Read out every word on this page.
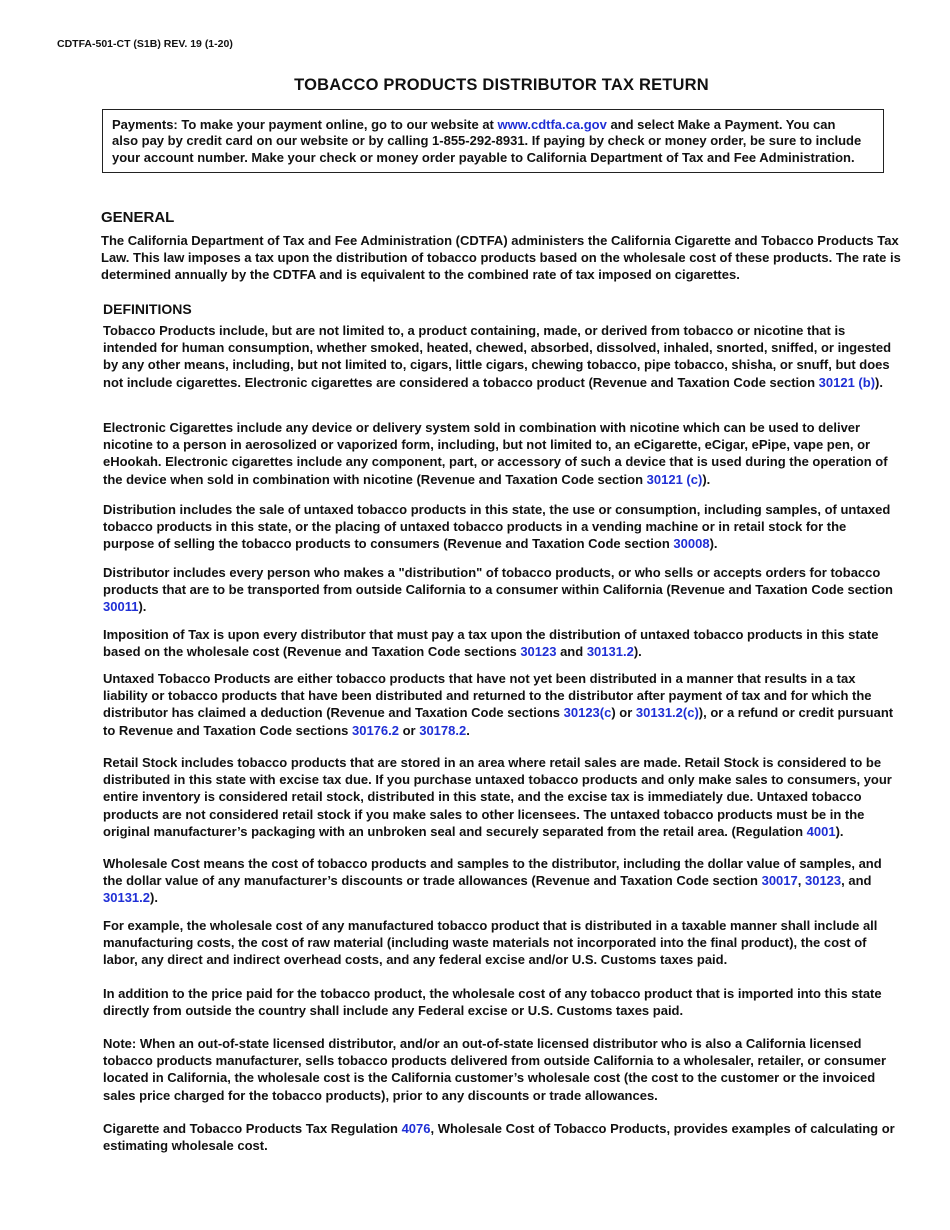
CDTFA-501-CT (S1B) REV. 19 (1-20)
TOBACCO PRODUCTS DISTRIBUTOR TAX RETURN
Payments: To make your payment online, go to our website at www.cdtfa.ca.gov and select Make a Payment. You can also pay by credit card on our website or by calling 1-855-292-8931. If paying by check or money order, be sure to include your account number. Make your check or money order payable to California Department of Tax and Fee Administration.
GENERAL
The California Department of Tax and Fee Administration (CDTFA) administers the California Cigarette and Tobacco Products Tax Law. This law imposes a tax upon the distribution of tobacco products based on the wholesale cost of these products. The rate is determined annually by the CDTFA and is equivalent to the combined rate of tax imposed on cigarettes.
DEFINITIONS

Tobacco Products include, but are not limited to, a product containing, made, or derived from tobacco or nicotine that is intended for human consumption, whether smoked, heated, chewed, absorbed, dissolved, inhaled, snorted, sniffed, or ingested by any other means, including, but not limited to, cigars, little cigars, chewing tobacco, pipe tobacco, shisha, or snuff, but does not include cigarettes. Electronic cigarettes are considered a tobacco product (Revenue and Taxation Code section 30121 (b)).

Electronic Cigarettes include any device or delivery system sold in combination with nicotine which can be used to deliver nicotine to a person in aerosolized or vaporized form, including, but not limited to, an eCigarette, eCigar, ePipe, vape pen, or eHookah. Electronic cigarettes include any component, part, or accessory of such a device that is used during the operation of the device when sold in combination with nicotine (Revenue and Taxation Code section 30121 (c)).

Distribution includes the sale of untaxed tobacco products in this state, the use or consumption, including samples, of untaxed tobacco products in this state, or the placing of untaxed tobacco products in a vending machine or in retail stock for the purpose of selling the tobacco products to consumers (Revenue and Taxation Code section 30008).

Distributor includes every person who makes a "distribution" of tobacco products, or who sells or accepts orders for tobacco products that are to be transported from outside California to a consumer within California (Revenue and Taxation Code section 30011).

Imposition of Tax is upon every distributor that must pay a tax upon the distribution of untaxed tobacco products in this state based on the wholesale cost (Revenue and Taxation Code sections 30123 and 30131.2).

Untaxed Tobacco Products are either tobacco products that have not yet been distributed in a manner that results in a tax liability or tobacco products that have been distributed and returned to the distributor after payment of tax and for which the distributor has claimed a deduction (Revenue and Taxation Code sections 30123(c) or 30131.2(c)), or a refund or credit pursuant to Revenue and Taxation Code sections 30176.2 or 30178.2.

Retail Stock includes tobacco products that are stored in an area where retail sales are made. Retail Stock is considered to be distributed in this state with excise tax due. If you purchase untaxed tobacco products and only make sales to consumers, your entire inventory is considered retail stock, distributed in this state, and the excise tax is immediately due. Untaxed tobacco products are not considered retail stock if you make sales to other licensees. The untaxed tobacco products must be in the original manufacturer’s packaging with an unbroken seal and securely separated from the retail area. (Regulation 4001).

Wholesale Cost means the cost of tobacco products and samples to the distributor, including the dollar value of samples, and the dollar value of any manufacturer’s discounts or trade allowances (Revenue and Taxation Code section 30017, 30123, and 30131.2).

For example, the wholesale cost of any manufactured tobacco product that is distributed in a taxable manner shall include all manufacturing costs, the cost of raw material (including waste materials not incorporated into the final product), the cost of labor, any direct and indirect overhead costs, and any federal excise and/or U.S. Customs taxes paid.

In addition to the price paid for the tobacco product, the wholesale cost of any tobacco product that is imported into this state directly from outside the country shall include any Federal excise or U.S. Customs taxes paid.

Note: When an out-of-state licensed distributor, and/or an out-of-state licensed distributor who is also a California licensed tobacco products manufacturer, sells tobacco products delivered from outside California to a wholesaler, retailer, or consumer located in California, the wholesale cost is the California customer’s wholesale cost (the cost to the customer or the invoiced sales price charged for the tobacco products), prior to any discounts or trade allowances.

Cigarette and Tobacco Products Tax Regulation 4076, Wholesale Cost of Tobacco Products, provides examples of calculating or estimating wholesale cost.
